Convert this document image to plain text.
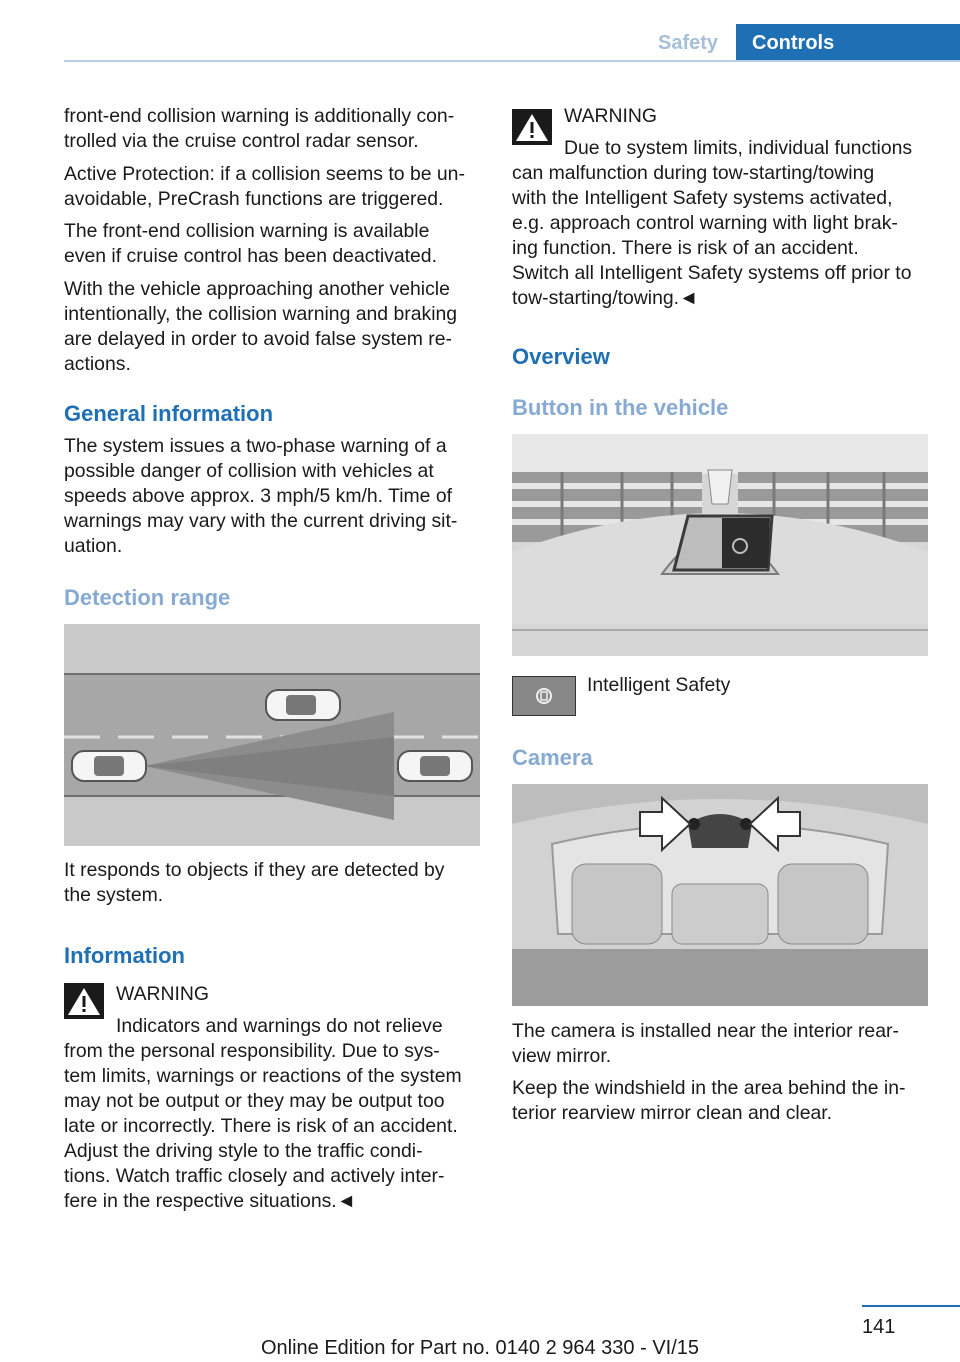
Safety	Controls

front-end collision warning is additionally con‐

trolled via the cruise control radar sensor.

Active Protection: if a collision seems to be un‐

avoidable, PreCrash functions are triggered.

The front-end collision warning is available

even if cruise control has been deactivated.

With the vehicle approaching another vehicle

intentionally, the collision warning and braking

are delayed in order to avoid false system re‐

actions.

General information

The system issues a two-phase warning of a

possible danger of collision with vehicles at

speeds above approx. 3 mph/5 km/h. Time of

warnings may vary with the current driving sit‐

uation.

Detection range

It responds to objects if they are detected by

the system.

Information

WARNING

Indicators and warnings do not relieve

from the personal responsibility. Due to sys‐

tem limits, warnings or reactions of the system

may not be output or they may be output too

late or incorrectly. There is risk of an accident.

Adjust the driving style to the traffic condi‐

tions. Watch traffic closely and actively inter‐

fere in the respective situations.◄

WARNING

Due to system limits, individual functions

can malfunction during tow-starting/towing

with the Intelligent Safety systems activated,

e.g. approach control warning with light brak‐

ing function. There is risk of an accident.

Switch all Intelligent Safety systems off prior to

tow-starting/towing.◄

Overview
Button in the vehicle

Intelligent Safety

Camera

The camera is installed near the interior rear‐

view mirror.

Keep the windshield in the area behind the in‐

terior rearview mirror clean and clear.

141
Online Edition for Part no. 0140 2 964 330 - VI/15
